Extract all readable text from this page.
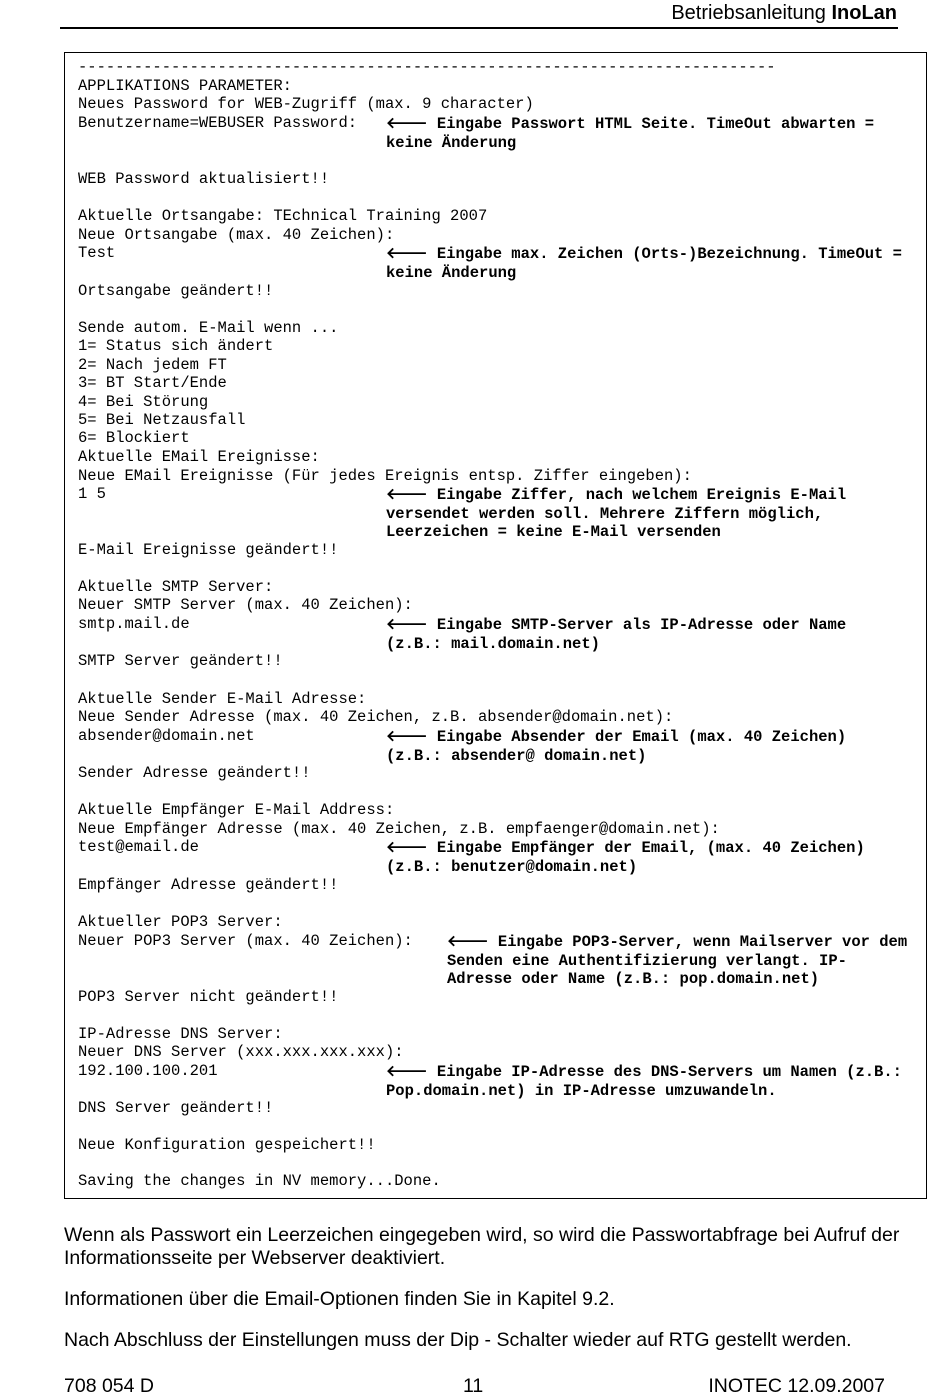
Betriebsanleitung InoLan
---------------------------------------------------------------------------
APPLIKATIONS PARAMETER:
Neues Password for WEB-Zugriff (max. 9 character)
Benutzername=WEBUSER Password:
WEB Password aktualisiert!!
Aktuelle Ortsangabe: TEchnical Training 2007
Neue Ortsangabe (max. 40 Zeichen):
Test
Ortsangabe geändert!!
Sende autom. E-Mail wenn ...
1= Status sich ändert
2= Nach jedem FT
3= BT Start/Ende
4= Bei Störung
5= Bei Netzausfall
6= Blockiert
Aktuelle EMail Ereignisse:
Neue EMail Ereignisse (Für jedes Ereignis entsp. Ziffer eingeben):
1 5
E-Mail Ereignisse geändert!!
Aktuelle SMTP Server:
Neuer SMTP Server (max. 40 Zeichen):
smtp.mail.de
SMTP Server geändert!!
Aktuelle Sender E-Mail Adresse:
Neue Sender Adresse (max. 40 Zeichen, z.B. absender@domain.net):
absender@domain.net
Sender Adresse geändert!!
Aktuelle Empfänger E-Mail Address:
Neue Empfänger Adresse (max. 40 Zeichen, z.B. empfaenger@domain.net):
test@email.de
Empfänger Adresse geändert!!
Aktueller POP3 Server:
Neuer POP3 Server (max. 40 Zeichen):
POP3 Server nicht geändert!!
IP-Adresse DNS Server:
Neuer DNS Server (xxx.xxx.xxx.xxx):
192.100.100.201
DNS Server geändert!!
Neue Konfiguration gespeichert!!
Saving the changes in NV memory...Done.
🡐 Eingabe Passwort HTML Seite. TimeOut abwarten =
keine Änderung
🡐 Eingabe max. Zeichen (Orts-)Bezeichnung. TimeOut =
keine Änderung
🡐 Eingabe Ziffer, nach welchem Ereignis E-Mail
versendet werden soll. Mehrere Ziffern möglich,
Leerzeichen = keine E-Mail versenden
🡐 Eingabe SMTP-Server als IP-Adresse oder Name
(z.B.: mail.domain.net)
🡐 Eingabe Absender der Email (max. 40 Zeichen)
(z.B.: absender@ domain.net)
🡐 Eingabe Empfänger der Email, (max. 40 Zeichen)
(z.B.: benutzer@domain.net)
🡐 Eingabe POP3-Server, wenn Mailserver vor dem
Senden eine Authentifizierung verlangt. IP-
Adresse oder Name (z.B.: pop.domain.net)
🡐 Eingabe IP-Adresse des DNS-Servers um Namen (z.B.:
Pop.domain.net) in IP-Adresse umzuwandeln.

Wenn als Passwort ein Leerzeichen eingegeben wird, so wird die Passwortabfrage bei Aufruf der Informationsseite per Webserver deaktiviert.

Informationen über die Email-Optionen finden Sie in Kapitel 9.2.

Nach Abschluss der Einstellungen muss der Dip - Schalter wieder auf RTG gestellt werden.

708 054 D	11	INOTEC 12.09.2007
